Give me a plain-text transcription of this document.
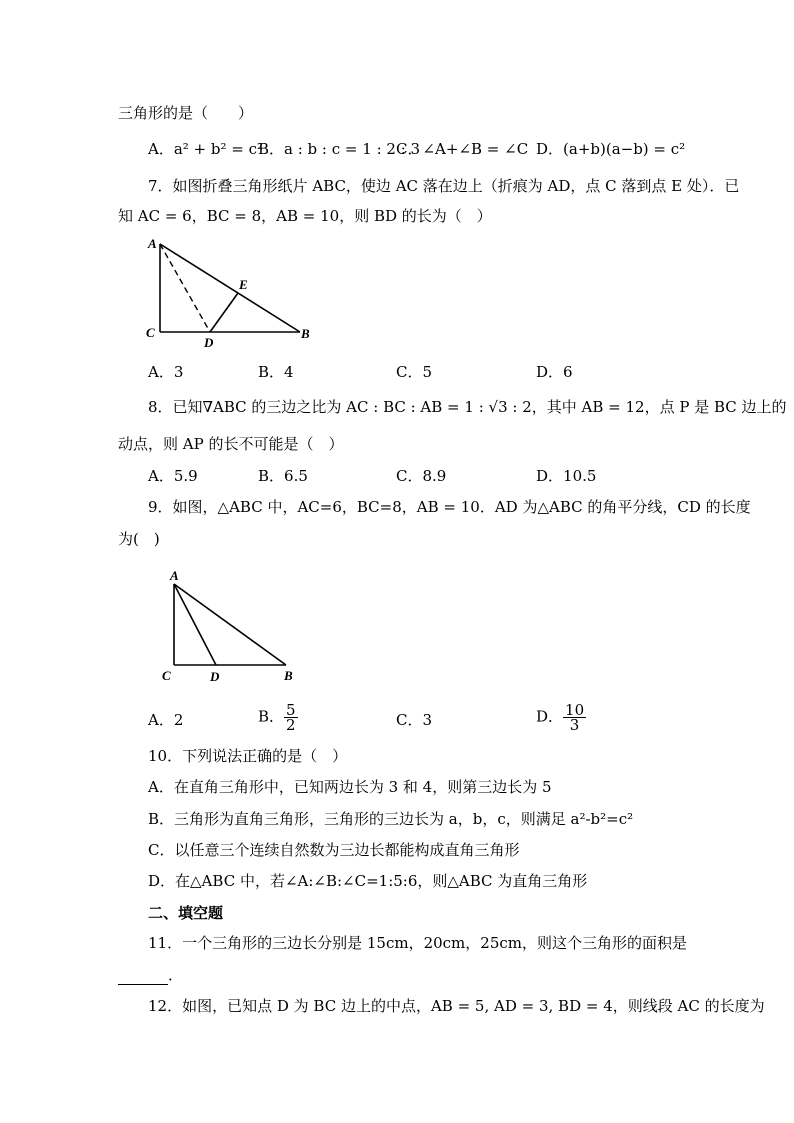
三角形的是（　　）
A．a² + b² = c²
B．a : b : c = 1 : 2 : 3
C．∠A+∠B = ∠C D．(a+b)(a−b) = c²
7．如图折叠三角形纸片 ABC，使边 AC 落在边上（折痕为 AD，点 C 落到点 E 处）．已
知 AC = 6，BC = 8，AB = 10，则 BD 的长为（　）
A
C
D
E
B
A．3	B．4	C．5	D．6
8．已知∇ABC 的三边之比为 AC : BC : AB = 1 : √3 : 2，其中 AB = 12，点 P 是 BC 边上的
动点，则 AP 的长不可能是（　）
A．5.9	B．6.5	C．8.9	D．10.5
9．如图，△ABC 中，AC=6，BC=8，AB = 10．AD 为△ABC 的角平分线，CD 的长度
为(　)
A
C	D	B
A．2	B． $\frac{5}{2}$	C．3	D． $\frac{10}{3}$
10．下列说法正确的是（　）
A．在直角三角形中，已知两边长为 3 和 4，则第三边长为 5
B．三角形为直角三角形，三角形的三边长为 a，b，c，则满足 a²-b²=c²
C．以任意三个连续自然数为三边长都能构成直角三角形
D．在△ABC 中，若∠A:∠B:∠C=1:5:6，则△ABC 为直角三角形
二、填空题
11．一个三角形的三边长分别是 15cm，20cm，25cm，则这个三角形的面积是
．
12．如图，已知点 D 为 BC 边上的中点，AB = 5, AD = 3, BD = 4，则线段 AC 的长度为
